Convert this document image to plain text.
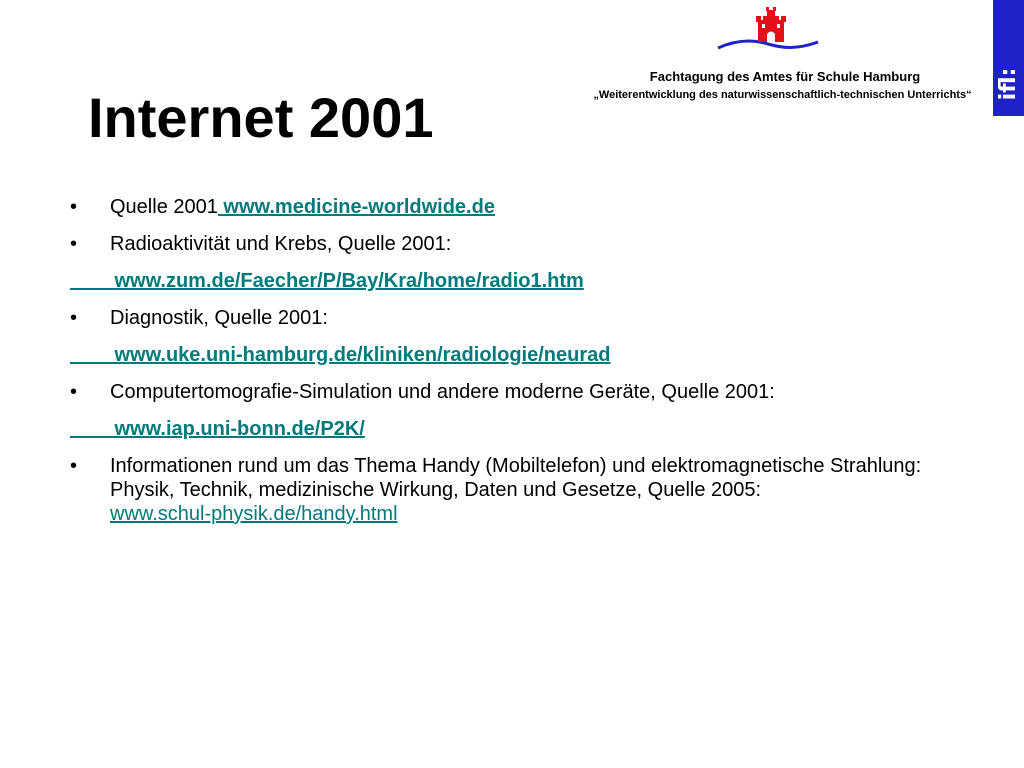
Internet 2001
Fachtagung des Amtes für Schule Hamburg
„Weiterentwicklung des naturwissenschaftlich-technischen Unterrichts“	ifl:
• Quelle 2001 www.medicine-worldwide.de
• Radioaktivität und Krebs, Quelle 2001:
www.zum.de/Faecher/P/Bay/Kra/home/radio1.htm
• Diagnostik, Quelle 2001:
www.uke.uni-hamburg.de/kliniken/radiologie/neurad
• Computertomografie-Simulation und andere moderne Geräte, Quelle 2001:
www.iap.uni-bonn.de/P2K/
• Informationen rund um das Thema Handy (Mobiltelefon) und elektromagnetische Strahlung: Physik, Technik, medizinische Wirkung, Daten und Gesetze, Quelle 2005:
www.schul-physik.de/handy.html
